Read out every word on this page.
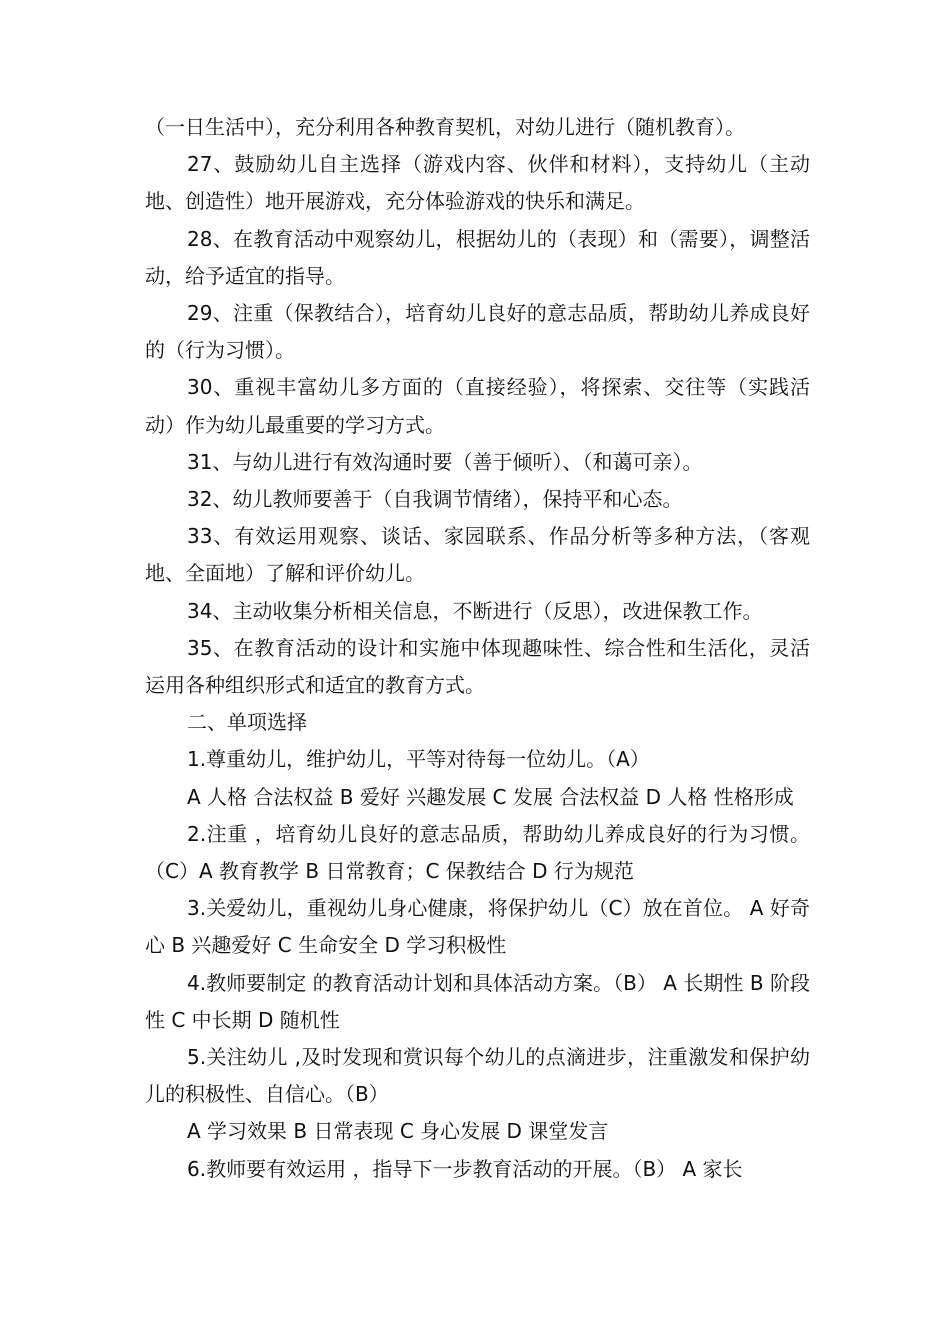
（一日生活中），充分利用各种教育契机，对幼儿进行（随机教育）。

27、鼓励幼儿自主选择（游戏内容、伙伴和材料），支持幼儿（主动地、创造性）地开展游戏，充分体验游戏的快乐和满足。

28、在教育活动中观察幼儿，根据幼儿的（表现）和（需要），调整活动，给予适宜的指导。

29、注重（保教结合），培育幼儿良好的意志品质，帮助幼儿养成良好的（行为习惯）。

30、重视丰富幼儿多方面的（直接经验），将探索、交往等（实践活动）作为幼儿最重要的学习方式。

31、与幼儿进行有效沟通时要（善于倾听）、（和蔼可亲）。

32、幼儿教师要善于（自我调节情绪），保持平和心态。

33、有效运用观察、谈话、家园联系、作品分析等多种方法，（客观地、全面地）了解和评价幼儿。

34、主动收集分析相关信息，不断进行（反思），改进保教工作。

35、在教育活动的设计和实施中体现趣味性、综合性和生活化，灵活运用各种组织形式和适宜的教育方式。

二、单项选择

1.尊重幼儿，维护幼儿，平等对待每一位幼儿。（A）

A 人格 合法权益 B 爱好 兴趣发展 C 发展 合法权益 D 人格 性格形成

2.注重 ，培育幼儿良好的意志品质，帮助幼儿养成良好的行为习惯。（C）A 教育教学 B 日常教育；C 保教结合 D 行为规范

3.关爱幼儿，重视幼儿身心健康，将保护幼儿（C）放在首位。 A 好奇心 B 兴趣爱好 C 生命安全 D 学习积极性

4.教师要制定 的教育活动计划和具体活动方案。（B） A 长期性 B 阶段性 C 中长期 D 随机性

5.关注幼儿 ,及时发现和赏识每个幼儿的点滴进步，注重激发和保护幼儿的积极性、自信心。（B）

A 学习效果 B 日常表现 C 身心发展 D 课堂发言

6.教师要有效运用 ，指导下一步教育活动的开展。（B） A 家长
